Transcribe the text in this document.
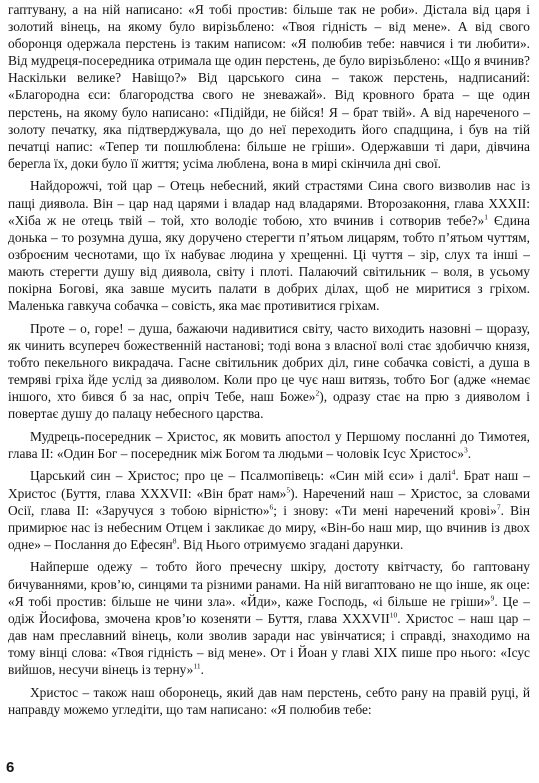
гаптувану, а на ній написано: «Я тобі простив: більше так не роби». Дістала від царя і золотий вінець, на якому було вирізьблено: «Твоя гідність – від мене». А від свого оборонця одержала перстень із таким написом: «Я полюбив тебе: навчися і ти любити». Від мудреця-посередника отримала ще один перстень, де було вирізьблено: «Що я вчинив? Наскільки велике? Навіщо?» Від царського сина – також перстень, надписаний: «Благородна єси: благородства свого не зневажай». Від кровного брата – ще один перстень, на якому було написано: «Підійди, не бійся! Я – брат твій». А від нареченого – золоту печатку, яка підтверджувала, що до неї переходить його спадщина, і був на тій печатці напис: «Тепер ти пошлюблена: більше не гріши». Одержавши ті дари, дівчина берегла їх, доки було її життя; усіма люблена, вона в мирі скінчила дні свої.

Найдорожчі, той цар – Отець небесний, який страстями Сина свого визволив нас із пащі диявола. Він – цар над царями і владар над владарями. Второзаконня, глава XXXII: «Хіба ж не отець твій – той, хто володіє тобою, хто вчинив і сотворив тебе?»$^1$ Єдина донька – то розумна душа, яку доручено стерегти п’ятьом лицарям, тобто п’ятьом чуттям, озброєним чеснотами, що їх набуває людина у хрещенні. Ці чуття – зір, слух та інші – мають стерегти душу від диявола, світу і плоті. Палаючий світильник – воля, в усьому покірна Богові, яка завше мусить палати в добрих ділах, щоб не миритися з гріхом. Маленька гавкуча собачка – совість, яка має противитися гріхам.

Проте – о, горе! – душа, бажаючи надивитися світу, часто виходить назовні – щоразу, як чинить всупереч божественній настанові; тоді вона з власної волі стає здобиччю князя, тобто пекельного викрадача. Гасне світильник добрих діл, гине собачка совісті, а душа в темряві гріха йде услід за дияволом. Коли про це чує наш витязь, тобто Бог (адже «немає іншого, хто бився б за нас, опріч Тебе, наш Боже»$^2$), одразу стає на прю з дияволом і повертає душу до палацу небесного царства.

Мудрець-посередник – Христос, як мовить апостол у Першому посланні до Тимотея, глава II: «Один Бог – посередник між Богом та людьми – чоловік Ісус Христос»$^3$.

Царський син – Христос; про це – Псалмопівець: «Син мій єси» і далі$^4$. Брат наш – Христос (Буття, глава XXXVII: «Він брат нам»$^5$). Наречений наш – Христос, за словами Осії, глава II: «Заручуся з тобою вірністю»$^6$; і знову: «Ти мені наречений крові»$^7$. Він примирює нас із небесним Отцем і закликає до миру, «Він-бо наш мир, що вчинив із двох одне» – Послання до Ефесян$^8$. Від Нього отримуємо згадані дарунки.

Найперше одежу – тобто його пречесну шкіру, достоту квітчасту, бо гаптовану бичуваннями, кров’ю, синцями та різними ранами. На ній вигаптовано не що інше, як оце: «Я тобі простив: більше не чини зла». «Йди», каже Господь, «і більше не гріши»$^9$. Це – одіж Йосифова, змочена кров’ю козеняти – Буття, глава XXXVII$^{10}$. Христос – наш цар – дав нам преславний вінець, коли зволив заради нас увінчатися; і справді, знаходимо на тому вінці слова: «Твоя гідність – від мене». От і Йоан у главі XIX пише про нього: «Ісус вийшов, несучи вінець із терну»$^{11}$.

Христос – також наш оборонець, який дав нам перстень, себто рану на правій руці, й направду можемо угледіти, що там написано: «Я полюбив тебе:

6
